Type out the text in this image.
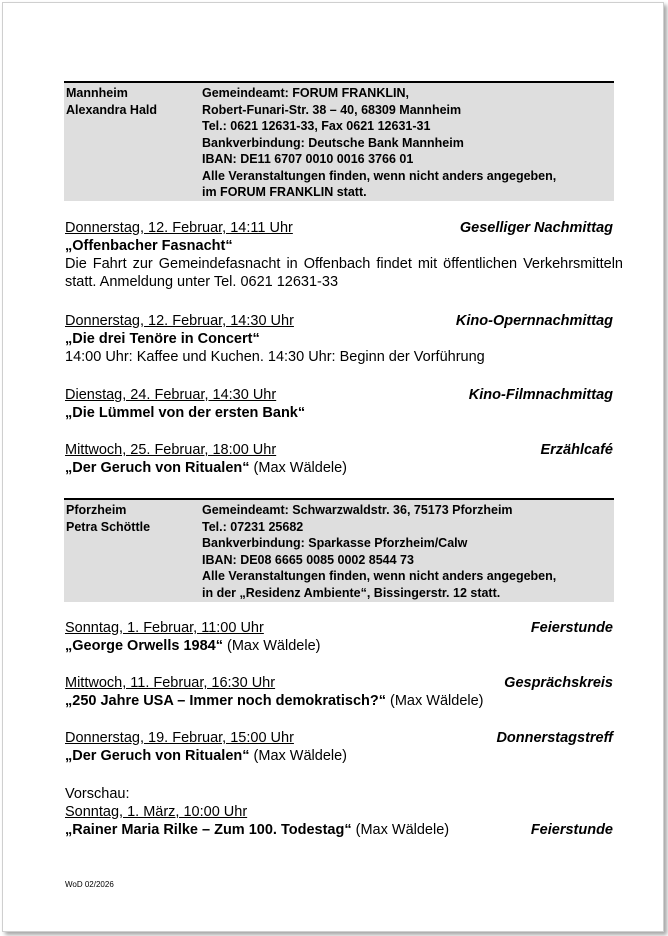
Mannheim
Alexandra Hald
Gemeindeamt: FORUM FRANKLIN,
Robert-Funari-Str. 38 – 40, 68309 Mannheim
Tel.: 0621 12631-33, Fax 0621 12631-31
Bankverbindung: Deutsche Bank Mannheim
IBAN: DE11 6707 0010 0016 3766 01
Alle Veranstaltungen finden, wenn nicht anders angegeben,
im FORUM FRANKLIN statt.
Donnerstag, 12. Februar, 14:11 Uhr	Geselliger Nachmittag
„Offenbacher Fasnacht“
Die Fahrt zur Gemeindefasnacht in Offenbach findet mit öffentlichen Verkehrsmitteln statt. Anmeldung unter Tel. 0621 12631-33
Donnerstag, 12. Februar, 14:30 Uhr	Kino-Opernnachmittag
„Die drei Tenöre in Concert“
14:00 Uhr: Kaffee und Kuchen. 14:30 Uhr: Beginn der Vorführung
Dienstag, 24. Februar, 14:30 Uhr	Kino-Filmnachmittag
„Die Lümmel von der ersten Bank“
Mittwoch, 25. Februar, 18:00 Uhr	Erzählcafé
„Der Geruch von Ritualen“ (Max Wäldele)
Pforzheim
Petra Schöttle
Gemeindeamt: Schwarzwaldstr. 36, 75173 Pforzheim
Tel.: 07231 25682
Bankverbindung: Sparkasse Pforzheim/Calw
IBAN: DE08 6665 0085 0002 8544 73
Alle Veranstaltungen finden, wenn nicht anders angegeben,
in der „Residenz Ambiente“, Bissingerstr. 12 statt.
Sonntag, 1. Februar, 11:00 Uhr	Feierstunde
„George Orwells 1984“ (Max Wäldele)
Mittwoch, 11. Februar, 16:30 Uhr	Gesprächskreis
„250 Jahre USA – Immer noch demokratisch?“ (Max Wäldele)
Donnerstag, 19. Februar, 15:00 Uhr	Donnerstagstreff
„Der Geruch von Ritualen“ (Max Wäldele)
Vorschau:
Sonntag, 1. März, 10:00 Uhr
„Rainer Maria Rilke – Zum 100. Todestag“ (Max Wäldele)	Feierstunde
WoD 02/2026
